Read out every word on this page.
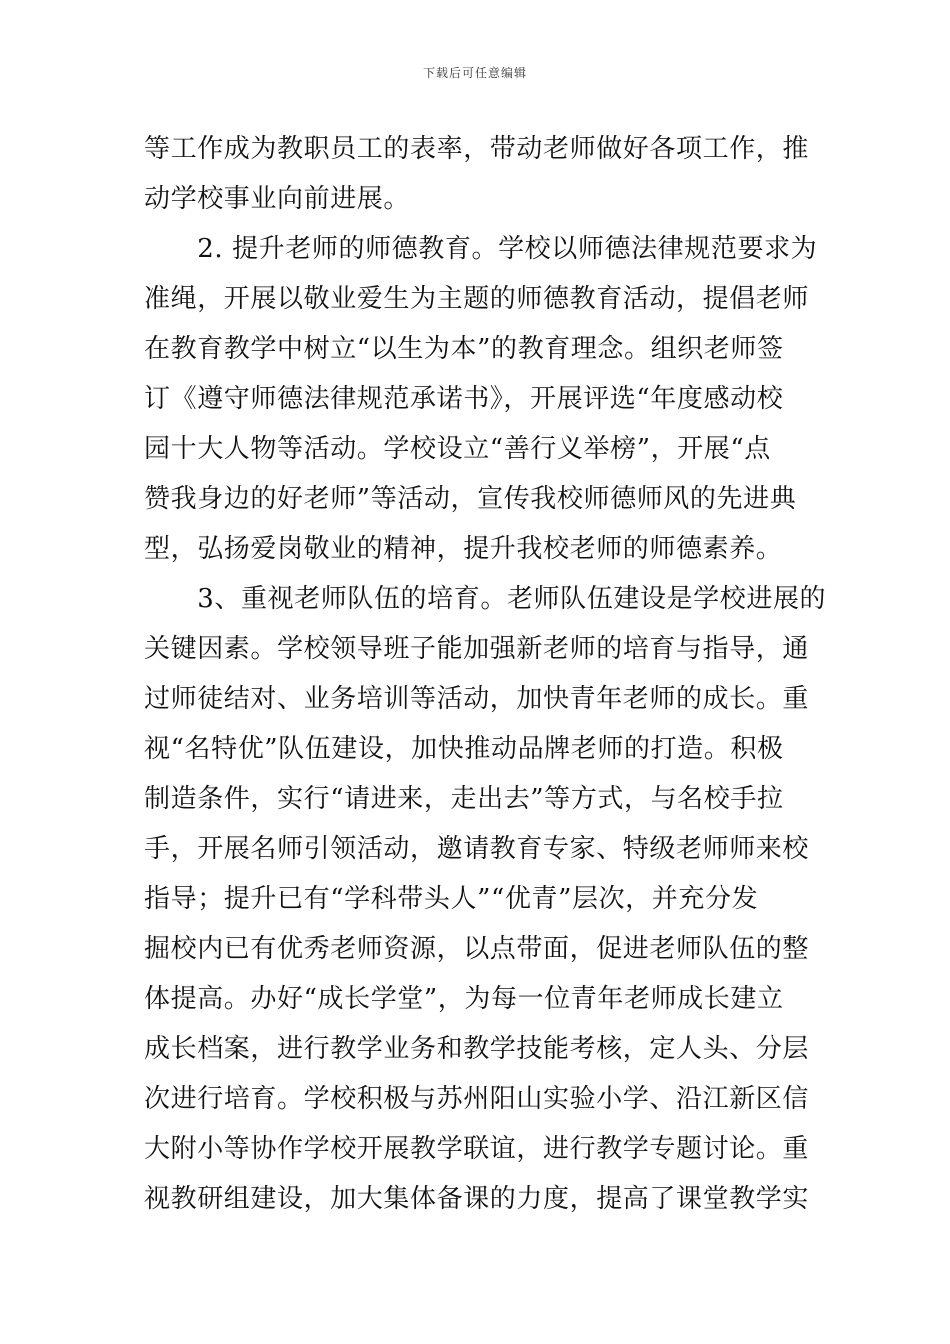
下载后可任意编辑
等工作成为教职员工的表率，带动老师做好各项工作，推
动学校事业向前进展。
　　2. 提升老师的师德教育。学校以师德法律规范要求为
准绳，开展以敬业爱生为主题的师德教育活动，提倡老师
在教育教学中树立“以生为本”的教育理念。组织老师签
订《遵守师德法律规范承诺书》，开展评选“年度感动校
园十大人物等活动。学校设立“善行义举榜”，开展“点
赞我身边的好老师”等活动，宣传我校师德师风的先进典
型，弘扬爱岗敬业的精神，提升我校老师的师德素养。
　　3、重视老师队伍的培育。老师队伍建设是学校进展的
关键因素。学校领导班子能加强新老师的培育与指导，通
过师徒结对、业务培训等活动，加快青年老师的成长。重
视“名特优”队伍建设，加快推动品牌老师的打造。积极
制造条件，实行“请进来，走出去”等方式，与名校手拉
手，开展名师引领活动，邀请教育专家、特级老师师来校
指导；提升已有“学科带头人”“优青”层次，并充分发
掘校内已有优秀老师资源，以点带面，促进老师队伍的整
体提高。办好“成长学堂”，为每一位青年老师成长建立
成长档案，进行教学业务和教学技能考核，定人头、分层
次进行培育。学校积极与苏州阳山实验小学、沿江新区信
大附小等协作学校开展教学联谊，进行教学专题讨论。重
视教研组建设，加大集体备课的力度，提高了课堂教学实
